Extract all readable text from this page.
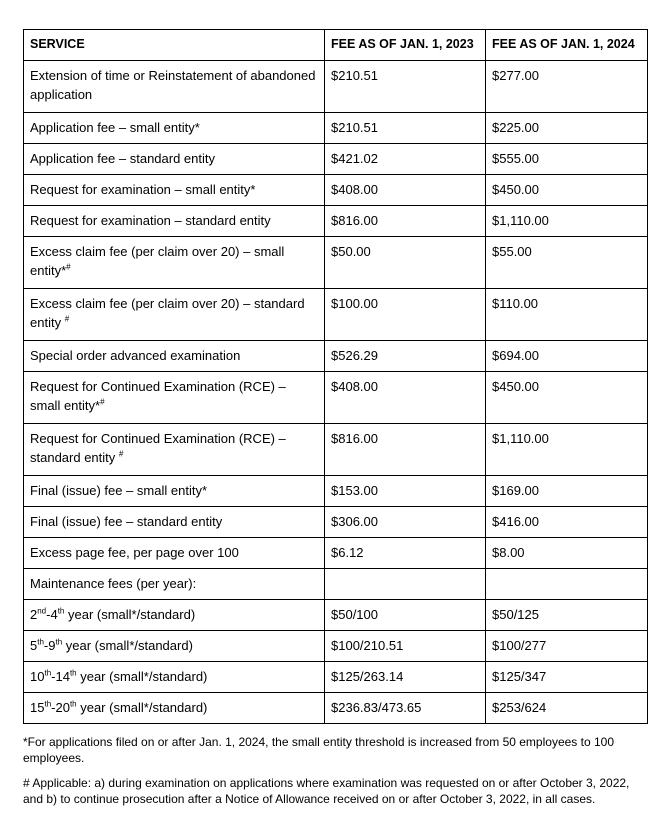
SERVICE	FEE AS OF JAN. 1, 2023	FEE AS OF JAN. 1, 2024
Extension of time or Reinstatement of abandoned application	$210.51	$277.00
Application fee – small entity*	$210.51	$225.00
Application fee – standard entity	$421.02	$555.00
Request for examination – small entity*	$408.00	$450.00
Request for examination – standard entity	$816.00	$1,110.00
Excess claim fee (per claim over 20) – small entity*#	$50.00	$55.00
Excess claim fee (per claim over 20) – standard entity #	$100.00	$110.00
Special order advanced examination	$526.29	$694.00
Request for Continued Examination (RCE) – small entity*#	$408.00	$450.00
Request for Continued Examination (RCE) – standard entity #	$816.00	$1,110.00
Final (issue) fee – small entity*	$153.00	$169.00
Final (issue) fee – standard entity	$306.00	$416.00
Excess page fee, per page over 100	$6.12	$8.00
Maintenance fees (per year):		
2nd-4th year (small*/standard)	$50/100	$50/125
5th-9th year (small*/standard)	$100/210.51	$100/277
10th-14th year (small*/standard)	$125/263.14	$125/347
15th-20th year (small*/standard)	$236.83/473.65	$253/624

*For applications filed on or after Jan. 1, 2024, the small entity threshold is increased from 50 employees to 100 employees.

# Applicable: a) during examination on applications where examination was requested on or after October 3, 2022, and b) to continue prosecution after a Notice of Allowance received on or after October 3, 2022, in all cases.
